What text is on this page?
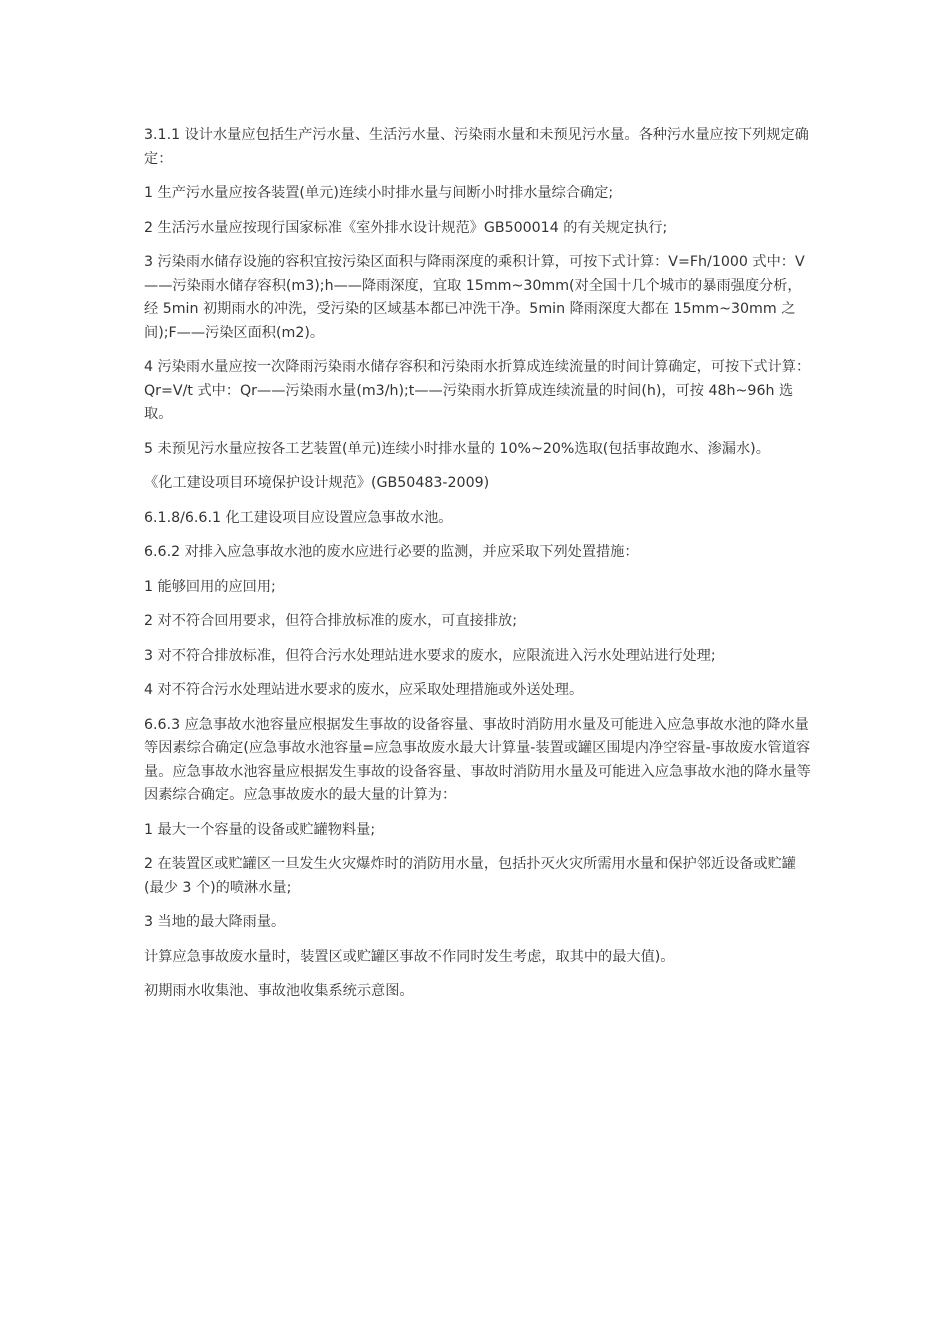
3.1.1 设计水量应包括生产污水量、生活污水量、污染雨水量和未预见污水量。各种污水量应按下列规定确定：

1 生产污水量应按各装置(单元)连续小时排水量与间断小时排水量综合确定;

2 生活污水量应按现行国家标准《室外排水设计规范》GB500014 的有关规定执行;

3 污染雨水储存设施的容积宜按污染区面积与降雨深度的乘积计算，可按下式计算：V=Fh/1000 式中：V——污染雨水储存容积(m3);h——降雨深度，宜取 15mm~30mm(对全国十几个城市的暴雨强度分析，经 5min 初期雨水的冲洗，受污染的区域基本都已冲洗干净。5min 降雨深度大都在 15mm~30mm 之间);F——污染区面积(m2)。

4 污染雨水量应按一次降雨污染雨水储存容积和污染雨水折算成连续流量的时间计算确定，可按下式计算：Qr=V/t 式中：Qr——污染雨水量(m3/h);t——污染雨水折算成连续流量的时间(h)，可按 48h~96h 选取。

5 未预见污水量应按各工艺装置(单元)连续小时排水量的 10%~20%选取(包括事故跑水、渗漏水)。

《化工建设项目环境保护设计规范》(GB50483-2009)

6.1.8/6.6.1 化工建设项目应设置应急事故水池。

6.6.2 对排入应急事故水池的废水应进行必要的监测，并应采取下列处置措施：

1 能够回用的应回用;

2 对不符合回用要求，但符合排放标准的废水，可直接排放;

3 对不符合排放标准，但符合污水处理站进水要求的废水，应限流进入污水处理站进行处理;

4 对不符合污水处理站进水要求的废水，应采取处理措施或外送处理。

6.6.3 应急事故水池容量应根据发生事故的设备容量、事故时消防用水量及可能进入应急事故水池的降水量等因素综合确定(应急事故水池容量=应急事故废水最大计算量-装置或罐区围堤内净空容量-事故废水管道容量。应急事故水池容量应根据发生事故的设备容量、事故时消防用水量及可能进入应急事故水池的降水量等因素综合确定。应急事故废水的最大量的计算为：

1 最大一个容量的设备或贮罐物料量;

2 在装置区或贮罐区一旦发生火灾爆炸时的消防用水量，包括扑灭火灾所需用水量和保护邻近设备或贮罐(最少 3 个)的喷淋水量;

3 当地的最大降雨量。

计算应急事故废水量时，装置区或贮罐区事故不作同时发生考虑，取其中的最大值)。

初期雨水收集池、事故池收集系统示意图。
